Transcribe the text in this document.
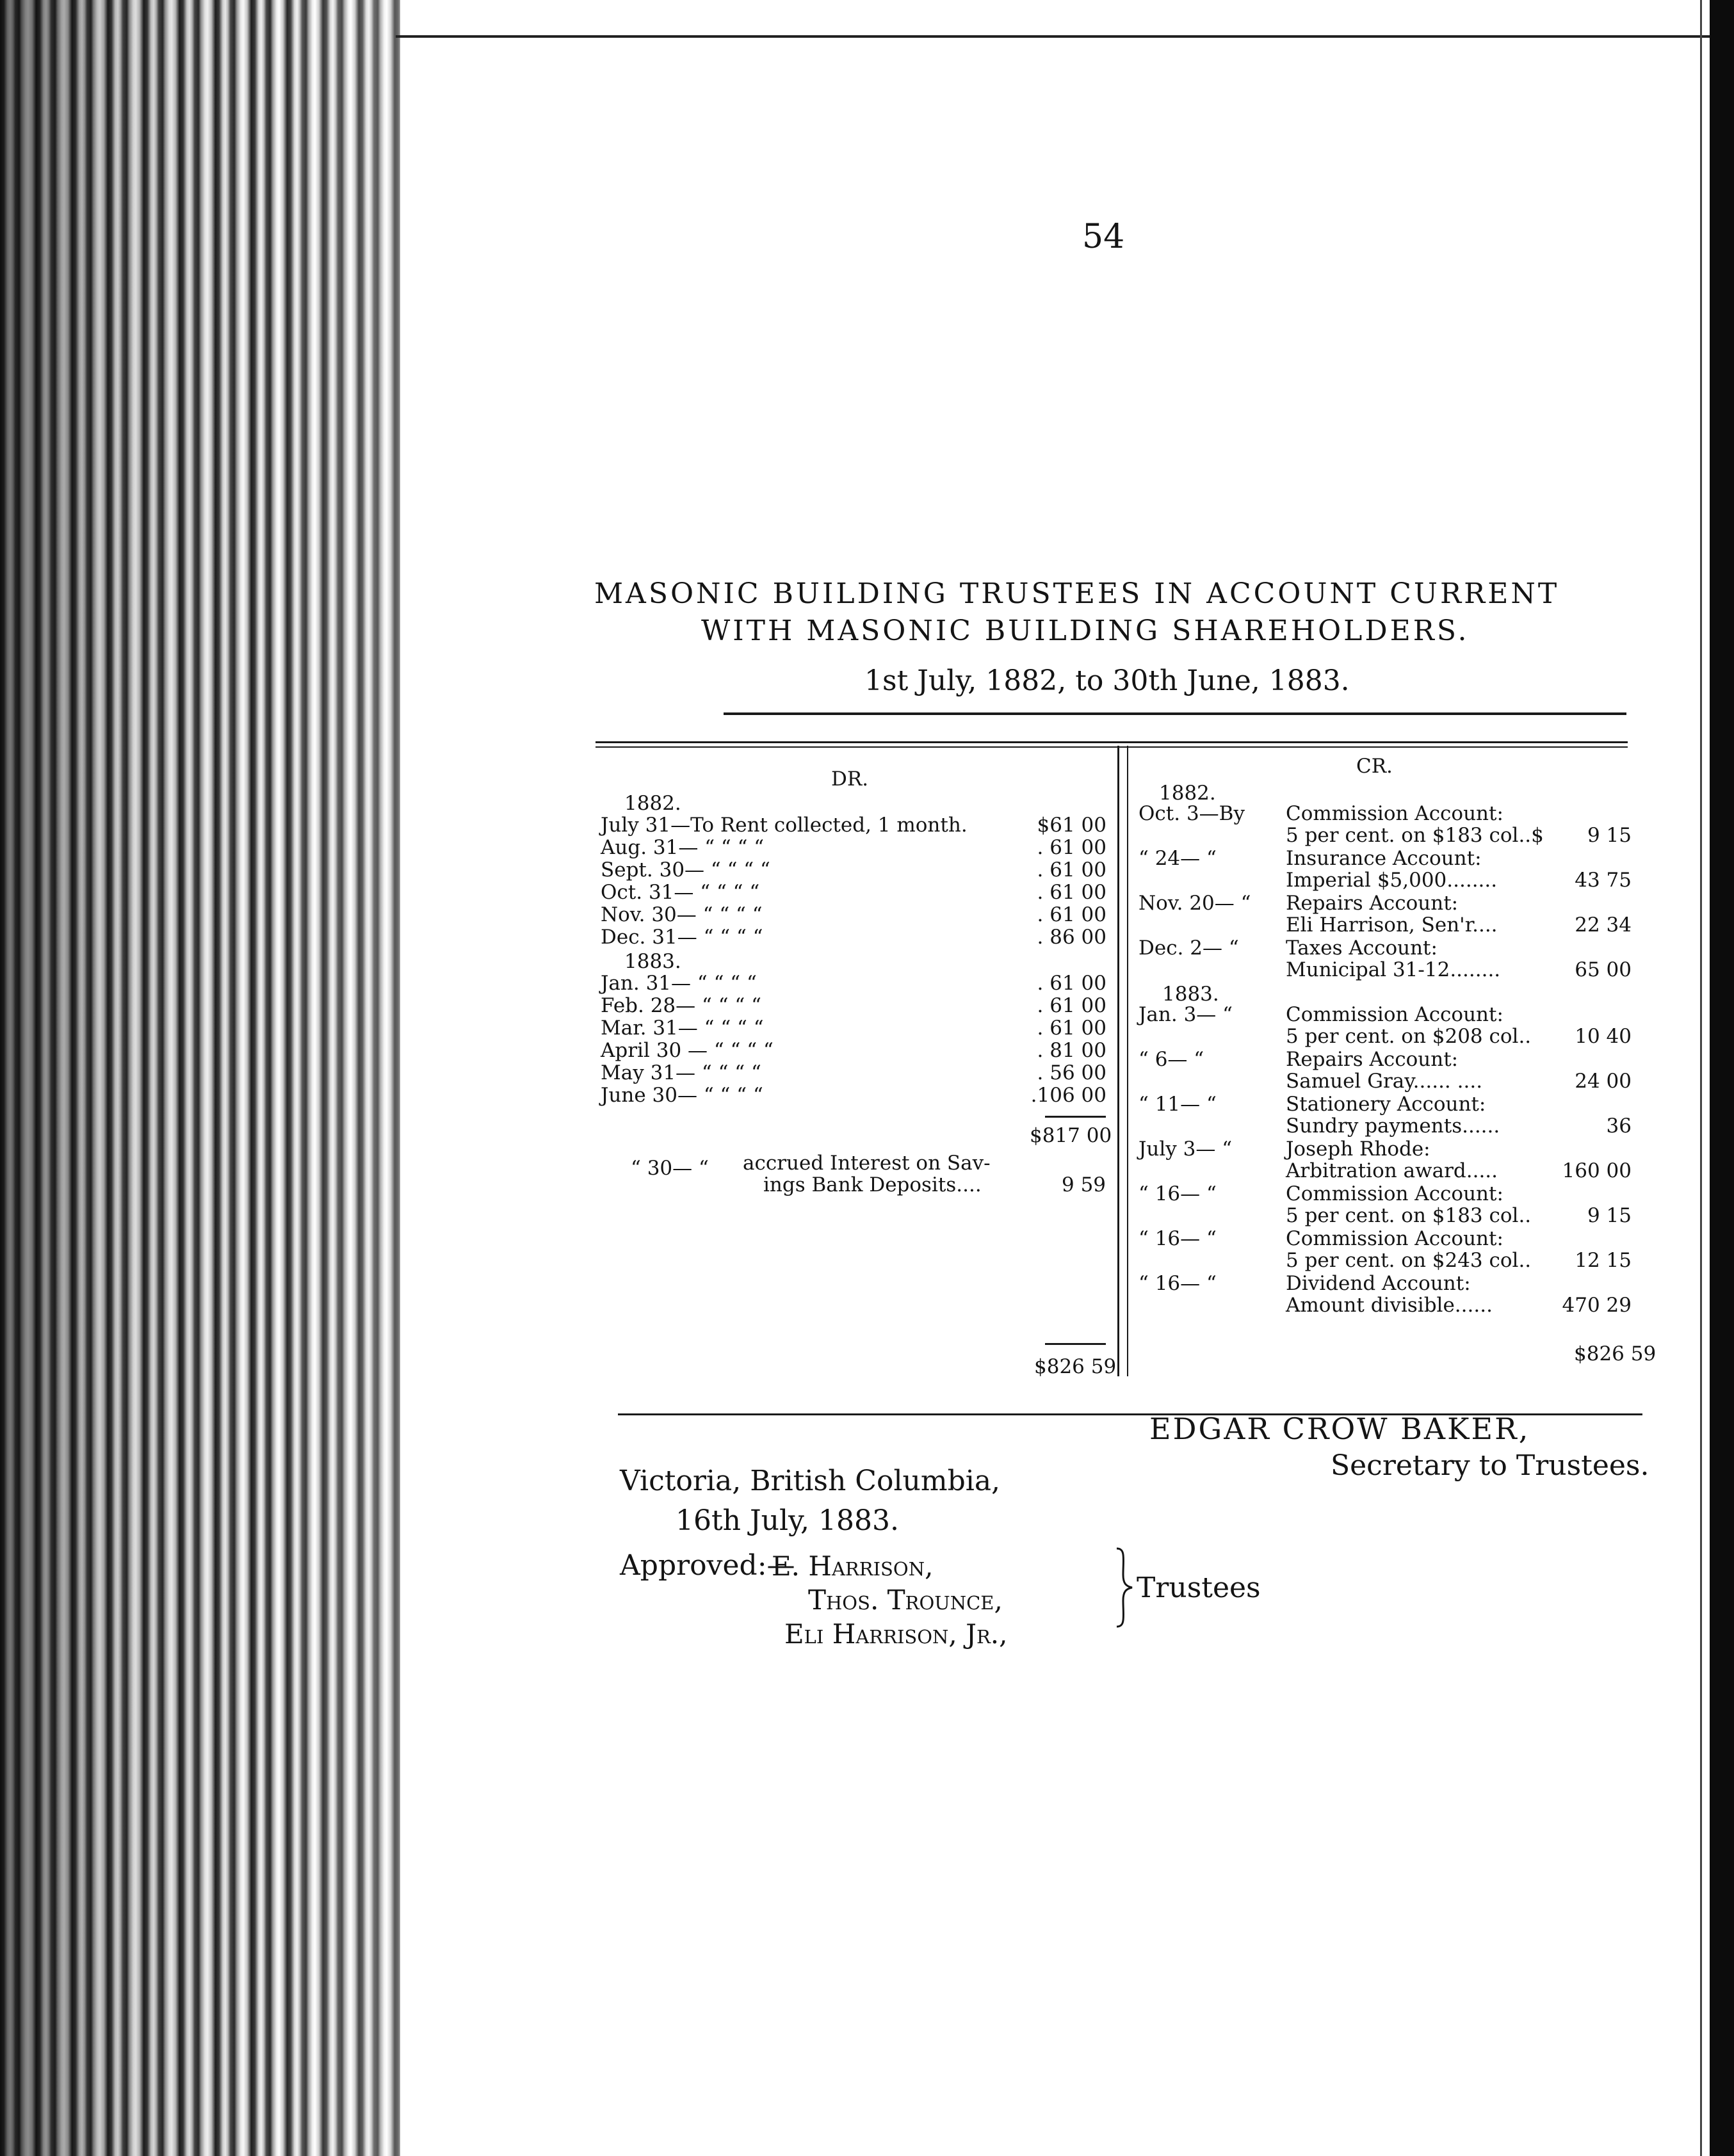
54
MASONIC BUILDING TRUSTEES IN ACCOUNT CURRENT
WITH MASONIC BUILDING SHAREHOLDERS.
1st July, 1882, to 30th June, 1883.
DR.
1882.
July 31—To Rent collected, 1 month.	$61 00
Aug. 31— “ “ “ “	. 61 00
Sept. 30— “ “ “ “	. 61 00
Oct. 31— “ “ “ “	. 61 00
Nov. 30— “ “ “ “	. 61 00
Dec. 31— “ “ “ “	. 86 00
1883.
Jan. 31— “ “ “ “	. 61 00
Feb. 28— “ “ “ “	. 61 00
Mar. 31— “ “ “ “	. 61 00
April 30 — “ “ “ “	. 81 00
May 31— “ “ “ “	. 56 00
June 30— “ “ “ “	.106 00
$817 00
“ 30— “ accrued Interest on Sav-
ings Bank Deposits....	9 59
$826 59
CR.
1882.
Oct. 3—By Commission Account:
5 per cent. on $183 col..$	9 15
“ 24— “	Insurance Account:
Imperial $5,000........	43 75
Nov. 20— “ Repairs Account:
Eli Harrison, Sen'r....	22 34
Dec. 2— “ Taxes Account:
Municipal 31-12........	65 00
1883.
Jan. 3— “	Commission Account:
5 per cent. on $208 col..	10 40
“ 6— “	Repairs Account:
Samuel Gray...... ....	24 00
“ 11— “	Stationery Account:
Sundry payments......	36
July 3— “	Joseph Rhode:
Arbitration award.....	160 00
“ 16— “	Commission Account:
5 per cent. on $183 col..	9 15
“ 16— “	Commission Account:
5 per cent. on $243 col..	12 15
“ 16— “	Dividend Account:
Amount divisible......	470 29
$826 59
EDGAR CROW BAKER,
Secretary to Trustees.
Victoria, British Columbia,
16th July, 1883.
Approved:—
E. Harrison,
Thos. Trounce,
Eli Harrison, Jr.,
Trustees
